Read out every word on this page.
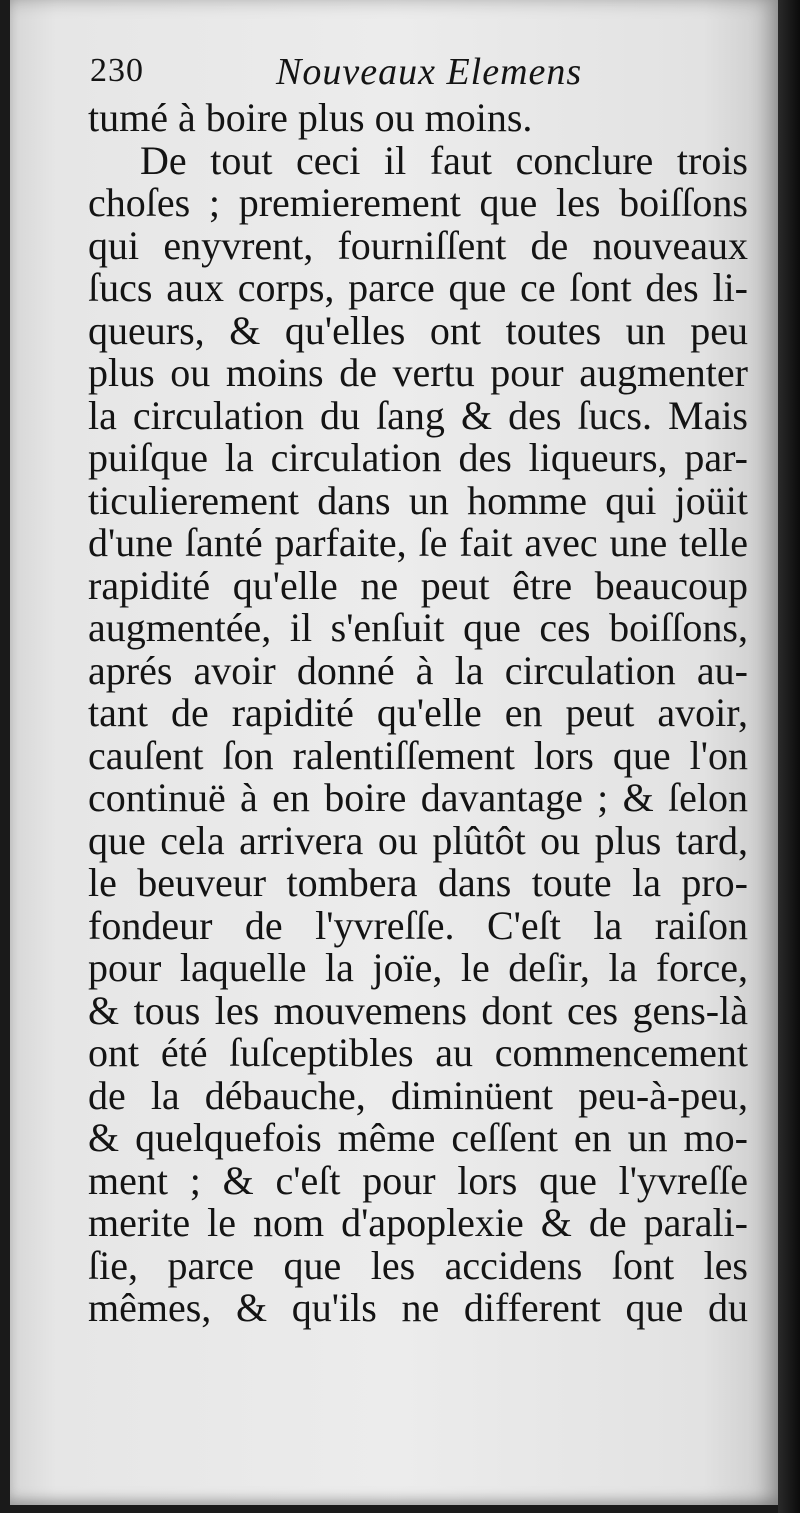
230	Nouveaux Elemens
tumé à boire plus ou moins.
De tout ceci il faut conclure trois
choſes ; premierement que les boiſſons
qui enyvrent, fourniſſent de nouveaux
ſucs aux corps, parce que ce ſont des li-
queurs, & qu'elles ont toutes un peu
plus ou moins de vertu pour augmenter
la circulation du ſang & des ſucs. Mais
puiſque la circulation des liqueurs, par-
ticulierement dans un homme qui joüit
d'une ſanté parfaite, ſe fait avec une telle
rapidité qu'elle ne peut être beaucoup
augmentée, il s'enſuit que ces boiſſons,
aprés avoir donné à la circulation au-
tant de rapidité qu'elle en peut avoir,
cauſent ſon ralentiſſement lors que l'on
continuë à en boire davantage ; & ſelon
que cela arrivera ou plûtôt ou plus tard,
le beuveur tombera dans toute la pro-
fondeur de l'yvreſſe. C'eſt la raiſon
pour laquelle la joïe, le deſir, la force,
& tous les mouvemens dont ces gens-là
ont été ſuſceptibles au commencement
de la débauche, diminüent peu-à-peu,
& quelquefois même ceſſent en un mo-
ment ; & c'eſt pour lors que l'yvreſſe
merite le nom d'apoplexie & de parali-
ſie, parce que les accidens ſont les
mêmes, & qu'ils ne different que du
